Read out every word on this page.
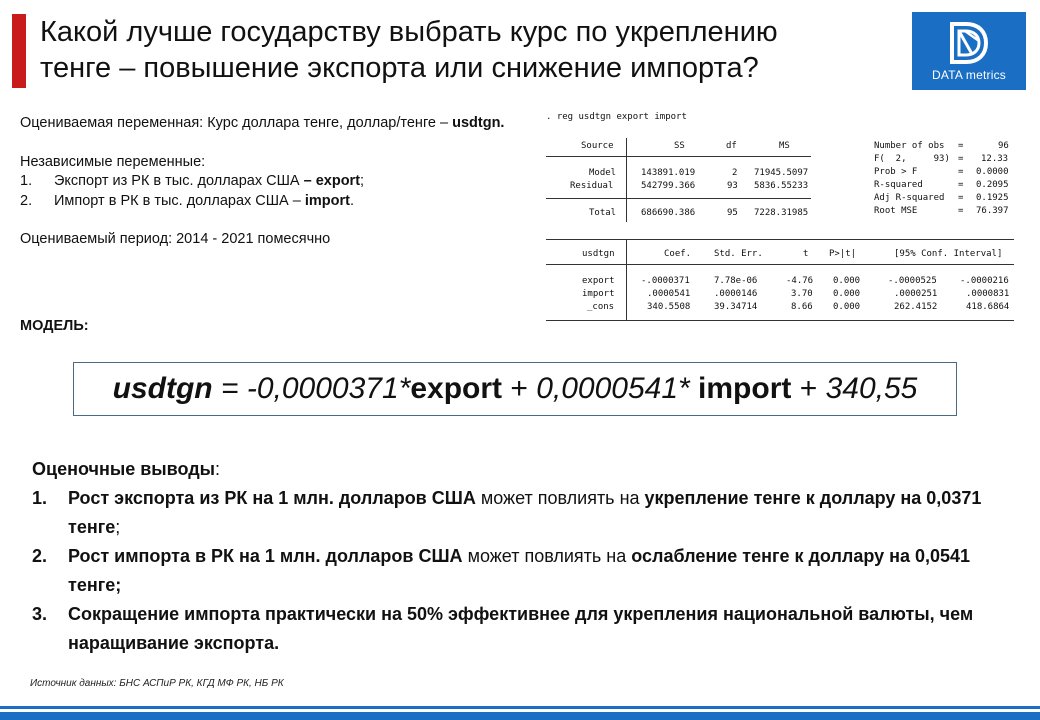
Какой лучше государству выбрать курс по укреплению
тенге – повышение экспорта или снижение импорта?	DATA metrics
Оцениваемая переменная: Курс доллара тенге, доллар/тенге – usdtgn.
Независимые переменные:
1. Экспорт из РК в тыс. долларах США – export;
2. Импорт в РК в тыс. долларах США – import.
Оцениваемый период: 2014 - 2021 помесячно
МОДЕЛЬ:
. reg usdtgn export import
Source	SS	df	MS
Model	143891.019	2 71945.5097
Residual	542799.366	93 5836.55233
Total	686690.386	95 7228.31985
Number of obs =	96
F(  2,     93) = 12.33
Prob > F	= 0.0000
R-squared	= 0.2095
Adj R-squared = 0.1925
Root MSE	= 76.397
usdtgn	Coef.	Std. Err.	t P>|t|	[95% Conf. Interval]
export	-.0000371	7.78e-06	-4.76 0.000	-.0000525	-.0000216
import	.0000541	.0000146	3.70 0.000	.0000251	.0000831
_cons	340.5508	39.34714	8.66 0.000	262.4152	418.6864
usdtgn = -0,0000371* export + 0,0000541* import + 340,55
Оценочные выводы:
1. Рост экспорта из РК на 1 млн. долларов США может повлиять на укрепление тенге к доллару на 0,0371 тенге;
2. Рост импорта в РК на 1 млн. долларов США может повлиять на ослабление тенге к доллару на 0,0541 тенге;
3. Сокращение импорта практически на 50% эффективнее для укрепления национальной валюты, чем наращивание экспорта.
Источник данных: БНС АСПиР РК, КГД МФ РК, НБ РК
